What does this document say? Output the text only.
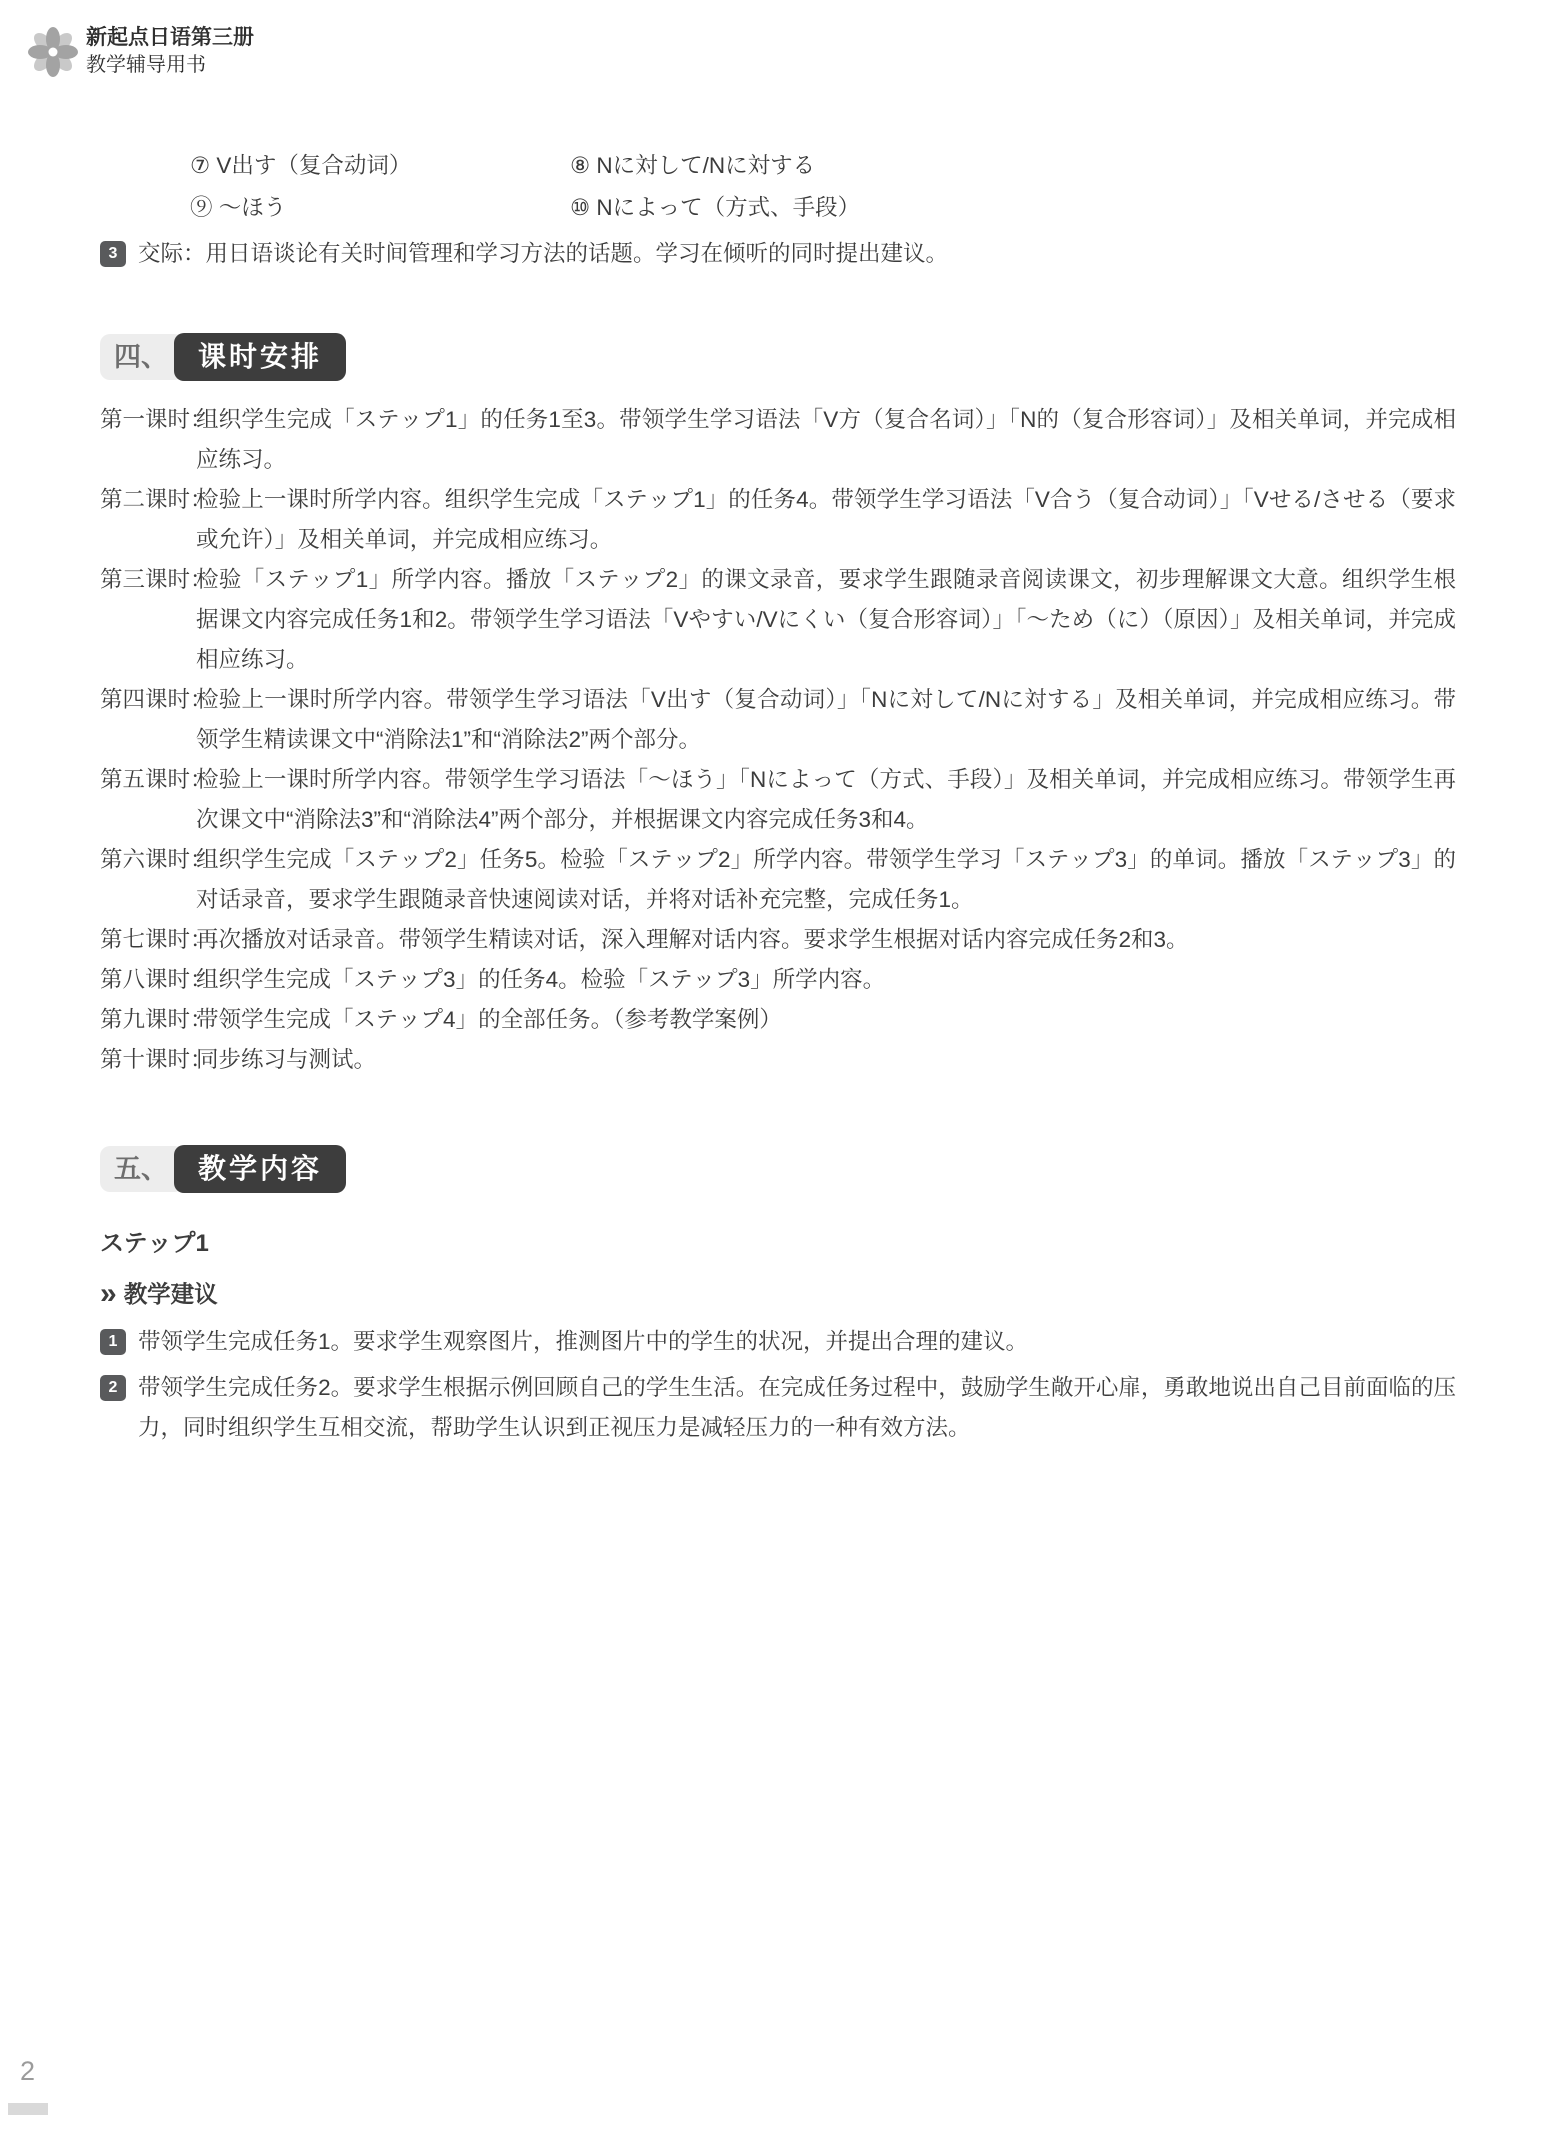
新起点日语第三册
教学辅导用书
⑦ V出す（复合动词）	⑧ Nに対して/Nに対する
⑨ ～ほう	⑩ Nによって（方式、手段）
3 交际：用日语谈论有关时间管理和学习方法的话题。学习在倾听的同时提出建议。
四、	课时安排
第一课时：
组织学生完成「ステップ1」的任务1至3。带领学生学习语法「V方（复合名词）」「N的（复合形容词）」及相关单词，并完成相应练习。
第二课时：
检验上一课时所学内容。组织学生完成「ステップ1」的任务4。带领学生学习语法「V合う（复合动词）」「Vせる/させる（要求或允许）」及相关单词，并完成相应练习。
第三课时：
检验「ステップ1」所学内容。播放「ステップ2」的课文录音，要求学生跟随录音阅读课文，初步理解课文大意。组织学生根据课文内容完成任务1和2。带领学生学习语法「Vやすい/Vにくい（复合形容词）」「～ため（に）（原因）」及相关单词，并完成相应练习。
第四课时：
检验上一课时所学内容。带领学生学习语法「V出す（复合动词）」「Nに対して/Nに対する」及相关单词，并完成相应练习。带领学生精读课文中“消除法1”和“消除法2”两个部分。
第五课时：
检验上一课时所学内容。带领学生学习语法「～ほう」「Nによって（方式、手段）」及相关单词，并完成相应练习。带领学生再次课文中“消除法3”和“消除法4”两个部分，并根据课文内容完成任务3和4。
第六课时：
组织学生完成「ステップ2」任务5。检验「ステップ2」所学内容。带领学生学习「ステップ3」的单词。播放「ステップ3」的对话录音，要求学生跟随录音快速阅读对话，并将对话补充完整，完成任务1。
第七课时：
再次播放对话录音。带领学生精读对话，深入理解对话内容。要求学生根据对话内容完成任务2和3。
第八课时：
组织学生完成「ステップ3」的任务4。检验「ステップ3」所学内容。
第九课时：
带领学生完成「ステップ4」的全部任务。（参考教学案例）
第十课时：
同步练习与测试。
五、	教学内容
ステップ1
» 教学建议
1 带领学生完成任务1。要求学生观察图片，推测图片中的学生的状况，并提出合理的建议。
2 带领学生完成任务2。要求学生根据示例回顾自己的学生生活。在完成任务过程中，鼓励学生敞开心扉，勇敢地说出自己目前面临的压力，同时组织学生互相交流，帮助学生认识到正视压力是减轻压力的一种有效方法。
2
